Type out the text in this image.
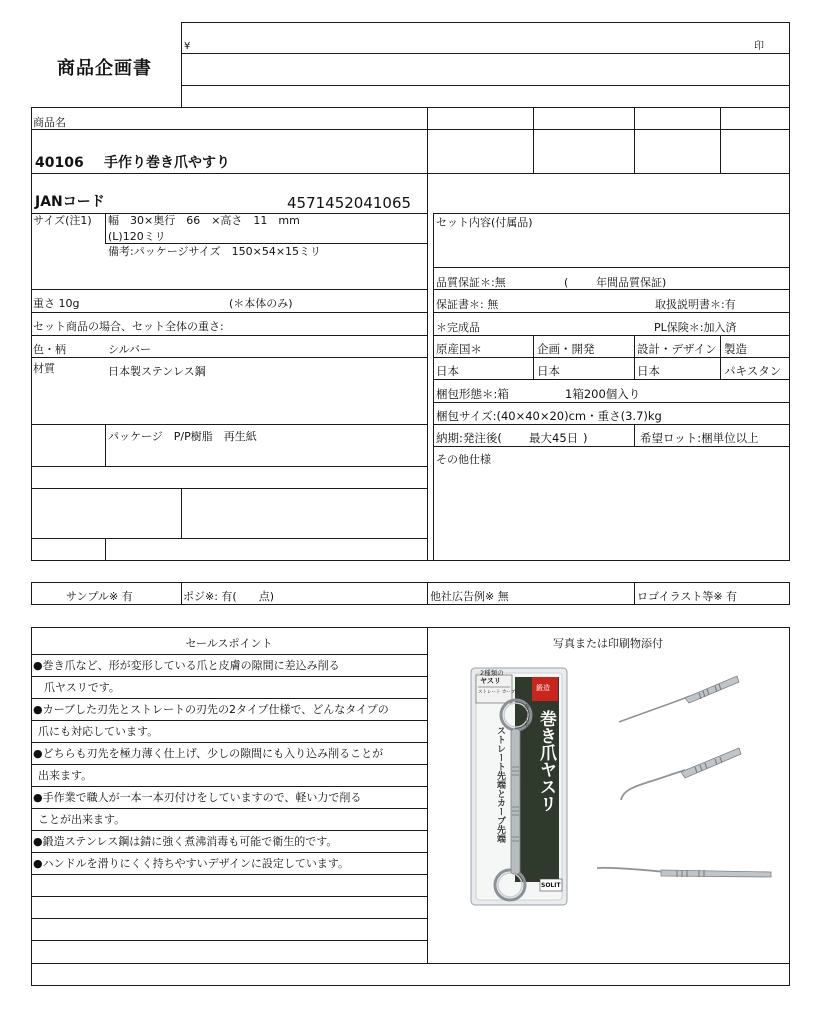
商品企画書
¥	印
商品名
40106 手作り巻き爪やすり
JANコード	4571452041065
サイズ(注1) 幅　30×奥行　66　×高さ　11　mm
(L)120ミリ
備考:パッケージサイズ　150×54×15ミリ
重さ 10g	(＊本体のみ)
セット商品の場合、セット全体の重さ:
色・柄	シルバー
材質	日本製ステンレス鋼
パッケージ　P/P樹脂　再生紙
セット内容(付属品)
品質保証＊:無	(	年間品質保証)
保証書＊: 無	取扱説明書＊:有
＊完成品	PL保険＊:加入済
原産国＊	企画・開発	設計・デザイン 製造
日本	日本	日本	パキスタン
梱包形態＊:箱	1箱200個入り
梱包サイズ:(40×40×20)cm・重さ(3.7)kg
納期:発注後( 最大45日 )	希望ロット:梱単位以上
その他仕様
サンプル※ 有	ポジ※: 有(　　点)	他社広告例※ 無	ロゴイラスト等※ 有
セールスポイント
●巻き爪など、形が変形している爪と皮膚の隙間に差込み削る
　爪ヤスリです。
●カーブした刃先とストレートの刃先の2タイプ仕様で、どんなタイプの
爪にも対応しています。
●どちらも刃先を極力薄く仕上げ、少しの隙間にも入り込み削ることが
出来ます。
●手作業で職人が一本一本刃付けをしていますので、軽い力で削る
ことが出来ます。
●鍛造ステンレス鋼は錆に強く煮沸消毒も可能で衛生的です。
●ハンドルを滑りにくく持ちやすいデザインに設定しています。
写真または印刷物添付
2種類の
ヤスリ
ストレート カーブ
鍛造
巻き爪ヤスリ
巻き爪や爪の隙間にも入り込む
ストレート先端とカーブ先端
SOLIT
